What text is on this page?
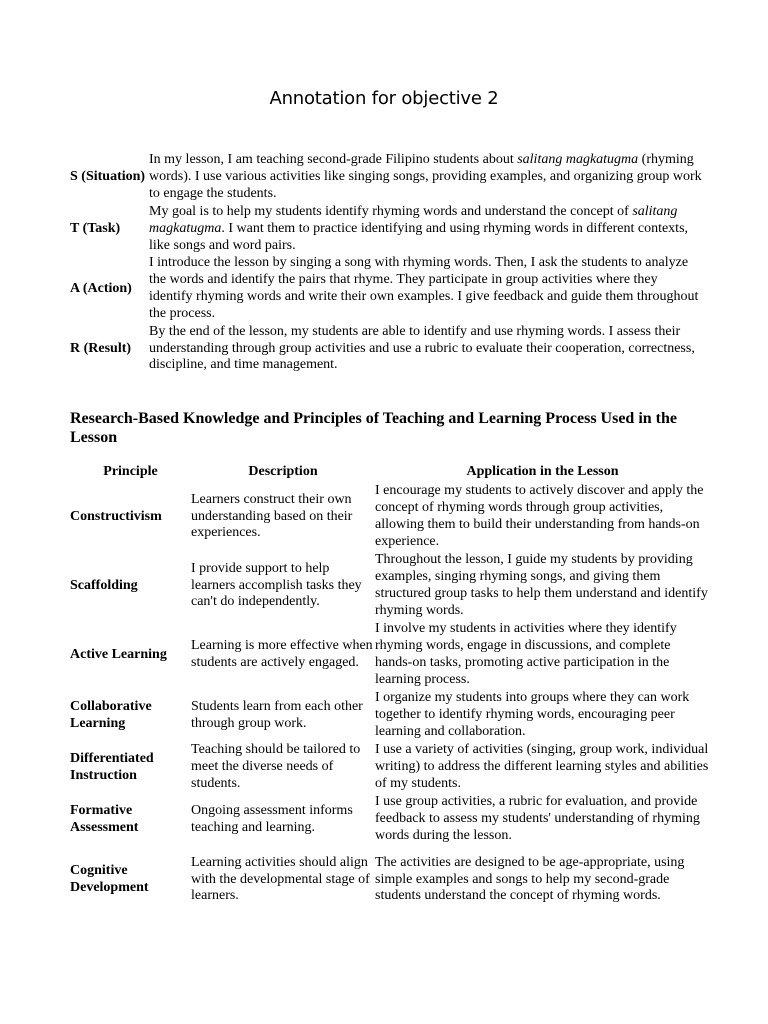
Annotation for objective 2
S (Situation)	In my lesson, I am teaching second-grade Filipino students about salitang magkatugma (rhyming words). I use various activities like singing songs, providing examples, and organizing group work to engage the students.
T (Task)	My goal is to help my students identify rhyming words and understand the concept of salitang magkatugma. I want them to practice identifying and using rhyming words in different contexts, like songs and word pairs.
A (Action)	I introduce the lesson by singing a song with rhyming words. Then, I ask the students to analyze the words and identify the pairs that rhyme. They participate in group activities where they identify rhyming words and write their own examples. I give feedback and guide them throughout the process.
R (Result)	By the end of the lesson, my students are able to identify and use rhyming words. I assess their understanding through group activities and use a rubric to evaluate their cooperation, correctness, discipline, and time management.
Research-Based Knowledge and Principles of Teaching and Learning Process Used in the Lesson
Principle	Description	Application in the Lesson
Constructivism	Learners construct their own understanding based on their experiences.	I encourage my students to actively discover and apply the concept of rhyming words through group activities, allowing them to build their understanding from hands-on experience.
Scaffolding	I provide support to help learners accomplish tasks they can't do independently.	Throughout the lesson, I guide my students by providing examples, singing rhyming songs, and giving them structured group tasks to help them understand and identify rhyming words.
Active Learning	Learning is more effective when students are actively engaged.	I involve my students in activities where they identify rhyming words, engage in discussions, and complete hands-on tasks, promoting active participation in the learning process.
Collaborative Learning	Students learn from each other through group work.	I organize my students into groups where they can work together to identify rhyming words, encouraging peer learning and collaboration.
Differentiated Instruction	Teaching should be tailored to meet the diverse needs of students.	I use a variety of activities (singing, group work, individual writing) to address the different learning styles and abilities of my students.
Formative Assessment	Ongoing assessment informs teaching and learning.	I use group activities, a rubric for evaluation, and provide feedback to assess my students' understanding of rhyming words during the lesson.
Cognitive Development	Learning activities should align with the developmental stage of learners.	The activities are designed to be age-appropriate, using simple examples and songs to help my second-grade students understand the concept of rhyming words.
